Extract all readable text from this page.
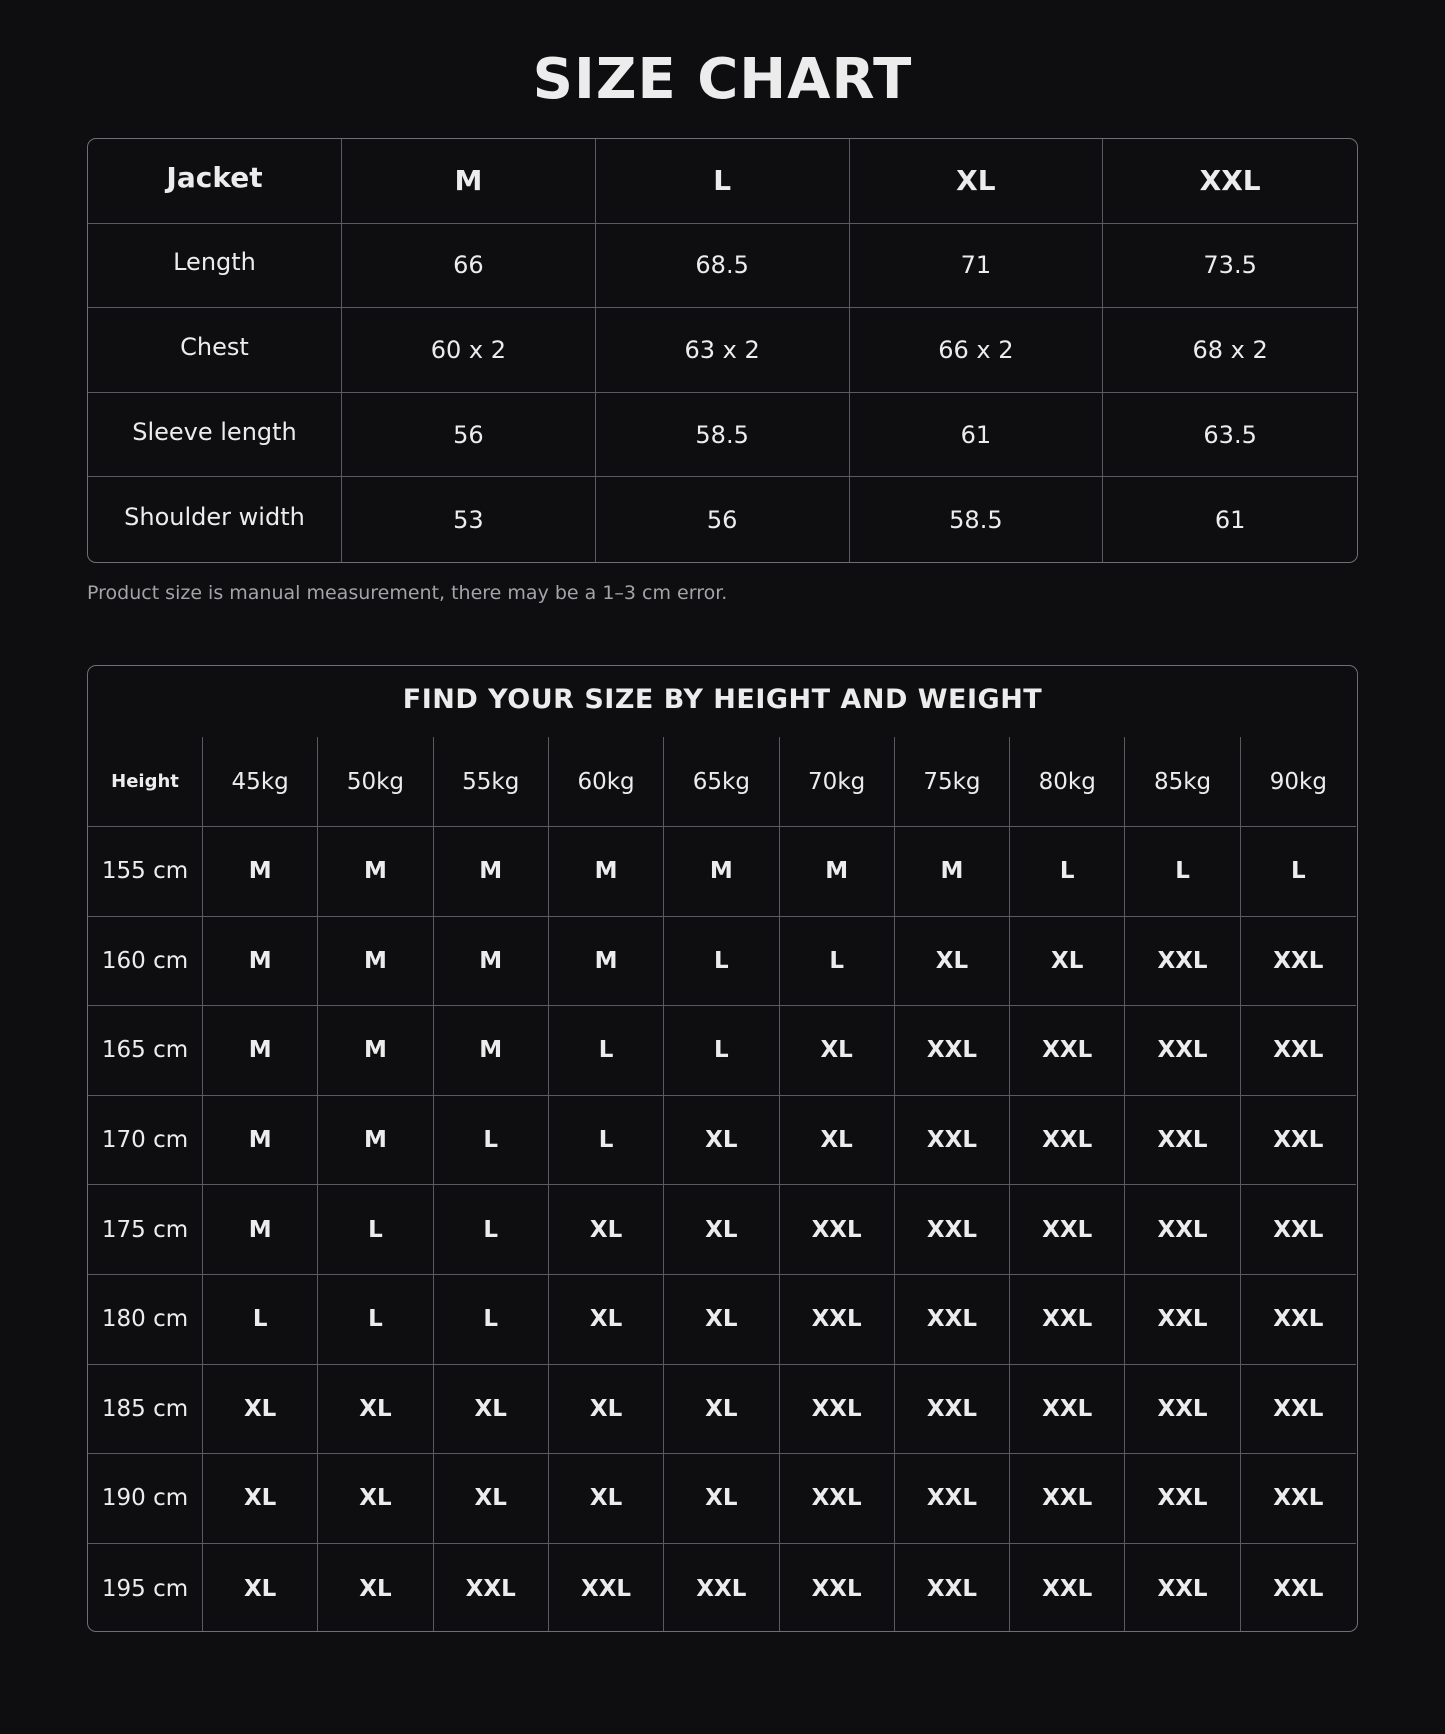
SIZE CHART
Jacket	M	L	XL	XXL
Length	66	68.5	71	73.5
Chest	60 x 2	63 x 2	66 x 2	68 x 2
Sleeve length	56	58.5	61	63.5
Shoulder width	53	56	58.5	61
Product size is manual measurement, there may be a 1–3 cm error.
FIND YOUR SIZE BY HEIGHT AND WEIGHT
Height	45kg	50kg	55kg	60kg	65kg	70kg	75kg	80kg	85kg	90kg
155 cm	M	M	M	M	M	M	M	L	L	L
160 cm	M	M	M	M	L	L	XL	XL	XXL	XXL
165 cm	M	M	M	L	L	XL	XXL	XXL	XXL	XXL
170 cm	M	M	L	L	XL	XL	XXL	XXL	XXL	XXL
175 cm	M	L	L	XL	XL	XXL	XXL	XXL	XXL	XXL
180 cm	L	L	L	XL	XL	XXL	XXL	XXL	XXL	XXL
185 cm	XL	XL	XL	XL	XL	XXL	XXL	XXL	XXL	XXL
190 cm	XL	XL	XL	XL	XL	XXL	XXL	XXL	XXL	XXL
195 cm	XL	XL	XXL	XXL	XXL	XXL	XXL	XXL	XXL	XXL
